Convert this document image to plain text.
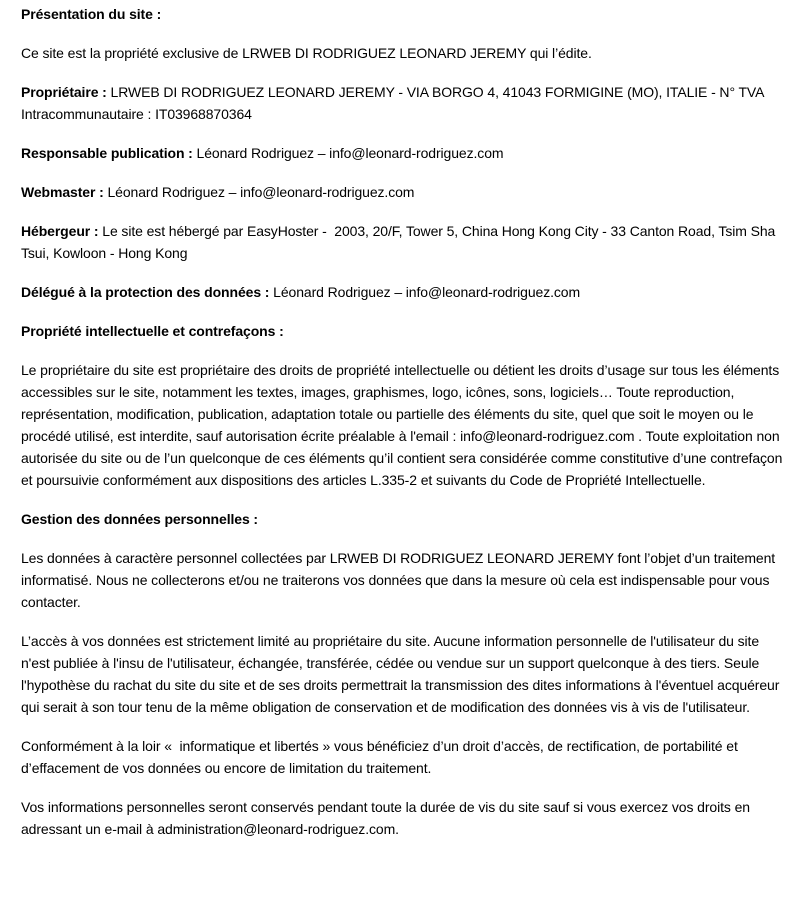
Présentation du site :

Ce site est la propriété exclusive de LRWEB DI RODRIGUEZ LEONARD JEREMY qui l’édite.

Propriétaire : LRWEB DI RODRIGUEZ LEONARD JEREMY - VIA BORGO 4, 41043 FORMIGINE (MO), ITALIE - N° TVA Intracommunautaire : IT03968870364

Responsable publication : Léonard Rodriguez – info@leonard-rodriguez.com

Webmaster : Léonard Rodriguez – info@leonard-rodriguez.com

Hébergeur : Le site est hébergé par EasyHoster -  2003, 20/F, Tower 5, China Hong Kong City - 33 Canton Road, Tsim Sha Tsui, Kowloon - Hong Kong

Délégué à la protection des données : Léonard Rodriguez – info@leonard-rodriguez.com

Propriété intellectuelle et contrefaçons :

Le propriétaire du site est propriétaire des droits de propriété intellectuelle ou détient les droits d’usage sur tous les éléments accessibles sur le site, notamment les textes, images, graphismes, logo, icônes, sons, logiciels… Toute reproduction, représentation, modification, publication, adaptation totale ou partielle des éléments du site, quel que soit le moyen ou le procédé utilisé, est interdite, sauf autorisation écrite préalable à l'email : info@leonard-rodriguez.com . Toute exploitation non autorisée du site ou de l’un quelconque de ces éléments qu’il contient sera considérée comme constitutive d’une contrefaçon et poursuivie conformément aux dispositions des articles L.335-2 et suivants du Code de Propriété Intellectuelle.

Gestion des données personnelles :

Les données à caractère personnel collectées par LRWEB DI RODRIGUEZ LEONARD JEREMY font l’objet d’un traitement informatisé. Nous ne collecterons et/ou ne traiterons vos données que dans la mesure où cela est indispensable pour vous contacter.

L’accès à vos données est strictement limité au propriétaire du site. Aucune information personnelle de l'utilisateur du site n'est publiée à l'insu de l'utilisateur, échangée, transférée, cédée ou vendue sur un support quelconque à des tiers. Seule l'hypothèse du rachat du site du site et de ses droits permettrait la transmission des dites informations à l'éventuel acquéreur qui serait à son tour tenu de la même obligation de conservation et de modification des données vis à vis de l'utilisateur.

Conformément à la loir «  informatique et libertés » vous bénéficiez d’un droit d’accès, de rectification, de portabilité et d’effacement de vos données ou encore de limitation du traitement.

Vos informations personnelles seront conservés pendant toute la durée de vis du site sauf si vous exercez vos droits en adressant un e-mail à administration@leonard-rodriguez.com.
